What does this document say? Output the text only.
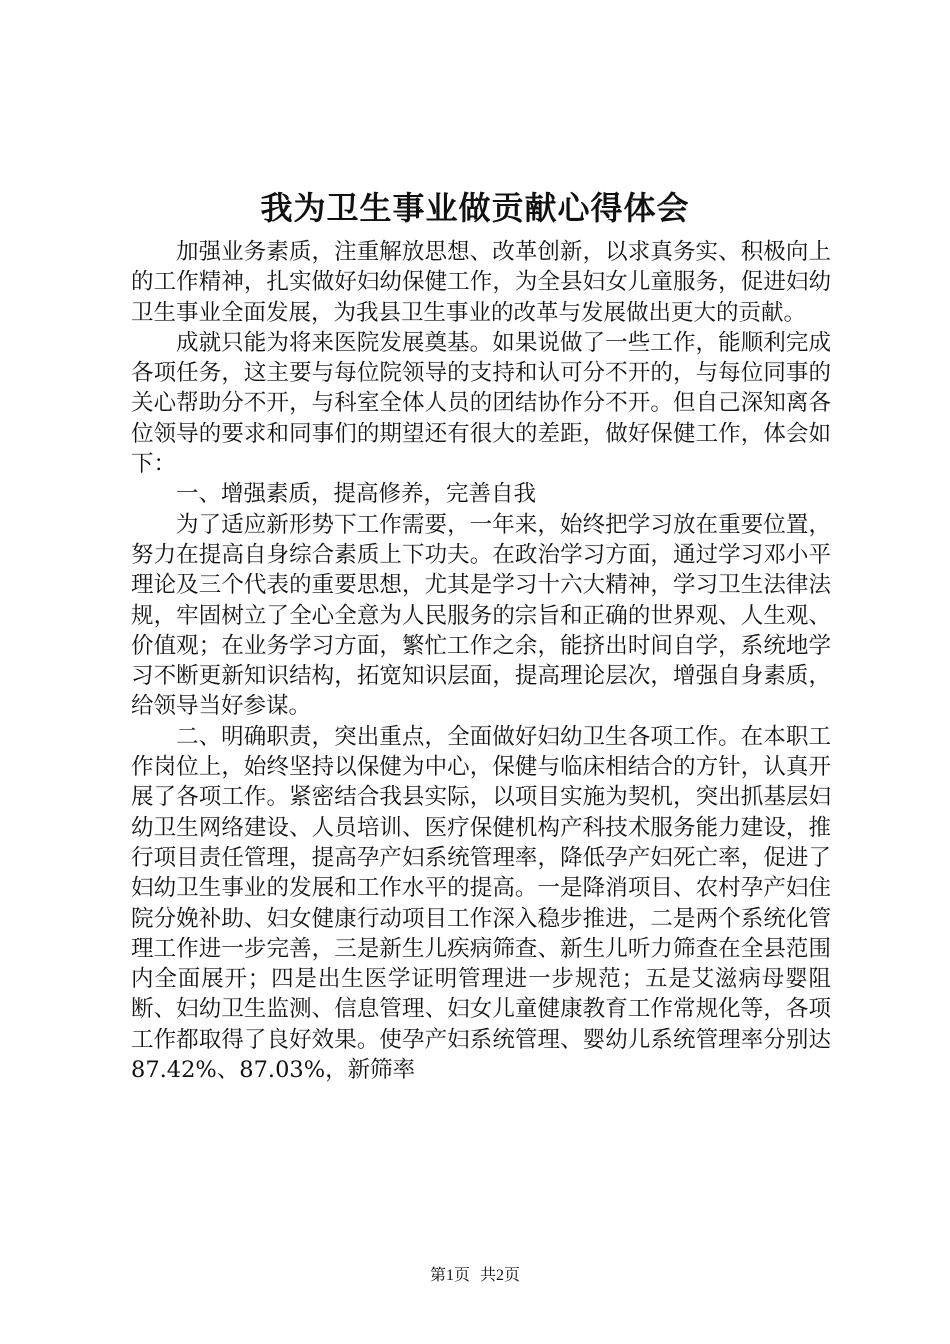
我为卫生事业做贡献心得体会

加强业务素质，注重解放思想、改革创新，以求真务实、积极向上的工作精神，扎实做好妇幼保健工作，为全县妇女儿童服务，促进妇幼卫生事业全面发展，为我县卫生事业的改革与发展做出更大的贡献。

成就只能为将来医院发展奠基。如果说做了一些工作，能顺利完成各项任务，这主要与每位院领导的支持和认可分不开的，与每位同事的关心帮助分不开，与科室全体人员的团结协作分不开。但自己深知离各位领导的要求和同事们的期望还有很大的差距，做好保健工作，体会如下：

一、增强素质，提高修养，完善自我

为了适应新形势下工作需要，一年来，始终把学习放在重要位置，努力在提高自身综合素质上下功夫。在政治学习方面，通过学习邓小平理论及三个代表的重要思想，尤其是学习十六大精神，学习卫生法律法规，牢固树立了全心全意为人民服务的宗旨和正确的世界观、人生观、价值观；在业务学习方面，繁忙工作之余，能挤出时间自学，系统地学习不断更新知识结构，拓宽知识层面，提高理论层次，增强自身素质，给领导当好参谋。

二、明确职责，突出重点，全面做好妇幼卫生各项工作。在本职工作岗位上，始终坚持以保健为中心，保健与临床相结合的方针，认真开展了各项工作。紧密结合我县实际，以项目实施为契机，突出抓基层妇幼卫生网络建设、人员培训、医疗保健机构产科技术服务能力建设，推行项目责任管理，提高孕产妇系统管理率，降低孕产妇死亡率，促进了妇幼卫生事业的发展和工作水平的提高。一是降消项目、农村孕产妇住院分娩补助、妇女健康行动项目工作深入稳步推进，二是两个系统化管理工作进一步完善，三是新生儿疾病筛查、新生儿听力筛查在全县范围内全面展开；四是出生医学证明管理进一步规范；五是艾滋病母婴阻断、妇幼卫生监测、信息管理、妇女儿童健康教育工作常规化等，各项工作都取得了良好效果。使孕产妇系统管理、婴幼儿系统管理率分别达87.42%、87.03%，新筛率

第1页 共2页
